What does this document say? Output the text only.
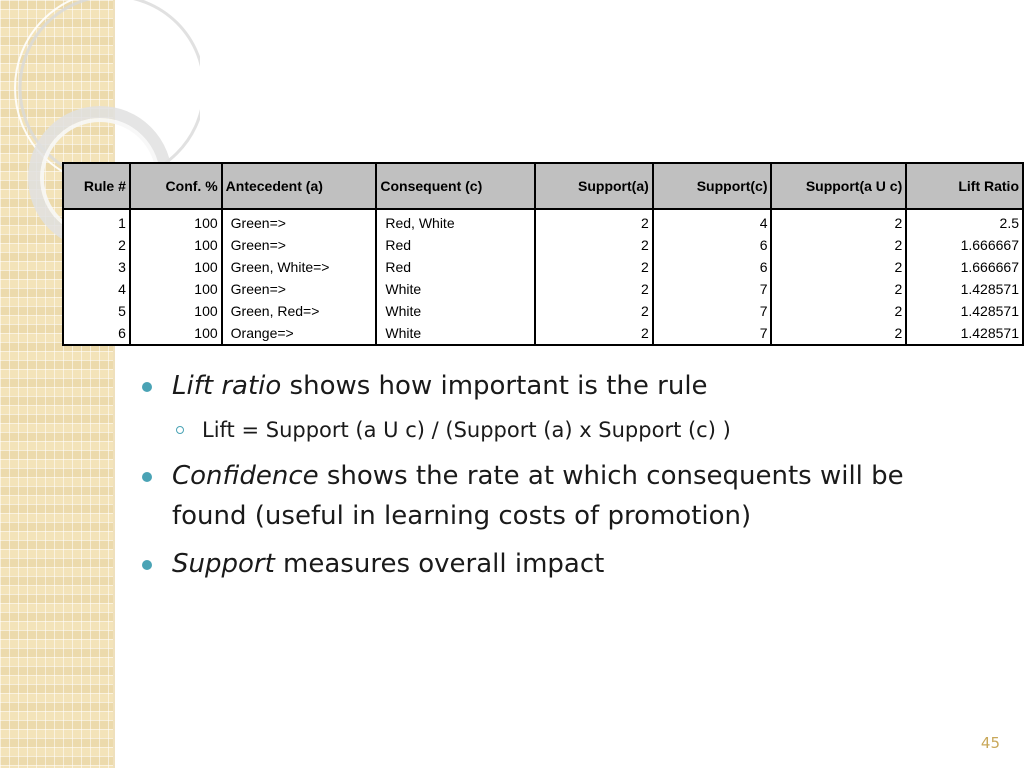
Rule #	Conf. %	Antecedent (a)	Consequent (c)	Support(a)	Support(c)	Support(a U c)	Lift Ratio
1	100	Green=>	Red, White	2	4	2	2.5
2	100	Green=>	Red	2	6	2	1.666667
3	100	Green, White=>	Red	2	6	2	1.666667
4	100	Green=>	White	2	7	2	1.428571
5	100	Green, Red=>	White	2	7	2	1.428571
6	100	Orange=>	White	2	7	2	1.428571
Lift ratio shows how important is the rule
Lift = Support (a U c) / (Support (a) x Support (c) )
Confidence shows the rate at which consequents will be found (useful in learning costs of promotion)
Support measures overall impact
45
